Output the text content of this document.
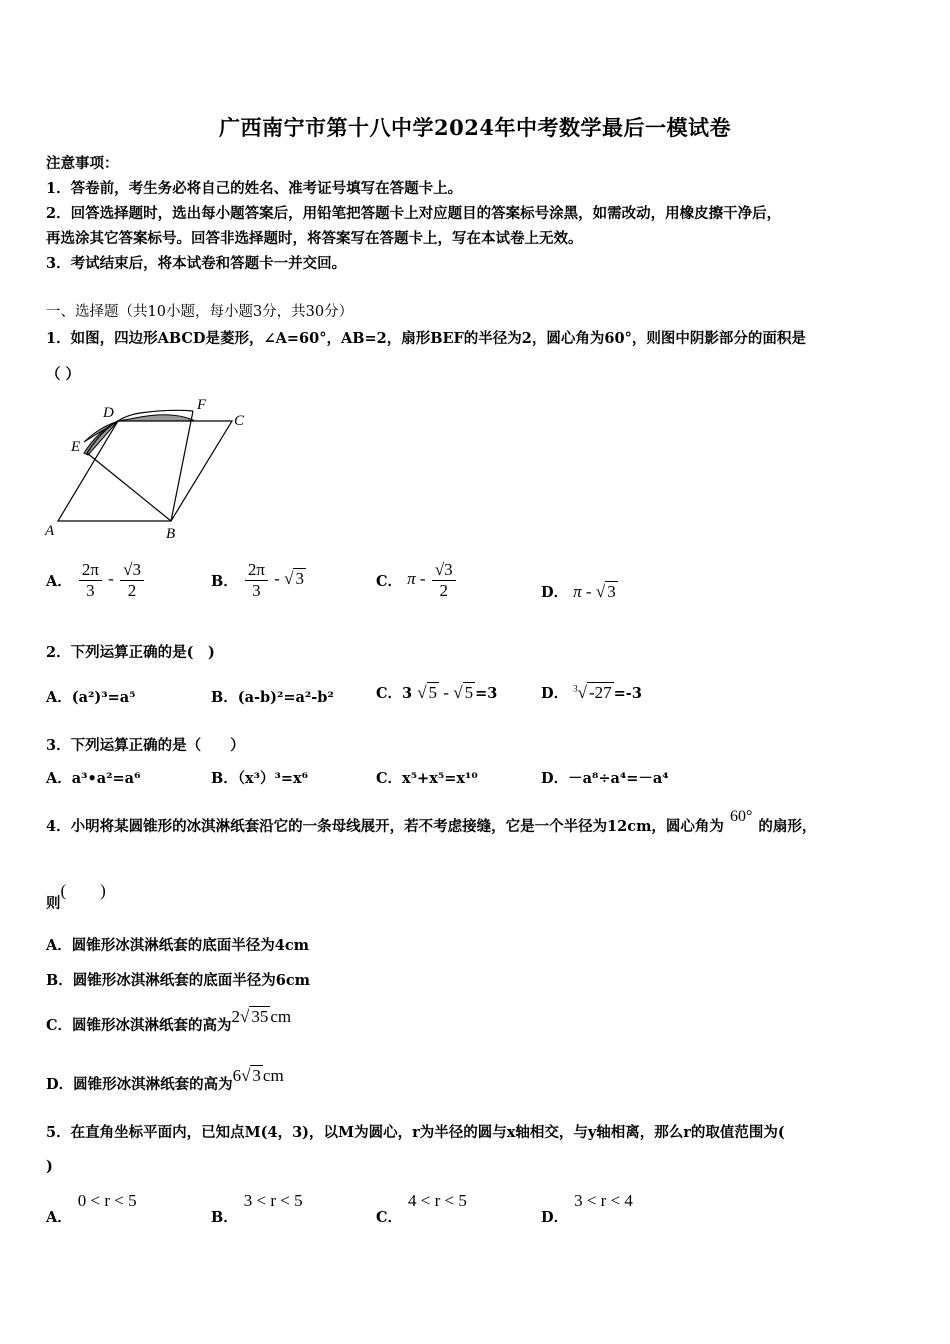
广西南宁市第十八中学2024年中考数学最后一模试卷
注意事项：
1．答卷前，考生务必将自己的姓名、准考证号填写在答题卡上。
2．回答选择题时，选出每小题答案后，用铅笔把答题卡上对应题目的答案标号涂黑，如需改动，用橡皮擦干净后，
再选涂其它答案标号。回答非选择题时，将答案写在答题卡上，写在本试卷上无效。
3．考试结束后，将本试卷和答题卡一并交回。
一、选择题（共10小题，每小题3分，共30分）
1．如图，四边形ABCD是菱形，∠A=60°，AB=2，扇形BEF的半径为2，圆心角为60°，则图中阴影部分的面积是
（ ）
D	F
C
E
A	B
A． $\frac{2\pi}{3} - \frac{√3}{2}$	B． $\frac{2\pi}{3}$ - √ 3	C． π - $\frac{√3}{2}$	D． π - √ 3
2．下列运算正确的是(　)
A．(a²)³=a⁵	B．(a-b)²=a²-b²	C．3 √ 5 - √ 5 =3	D． $^3$√ -27 =-3
3．下列运算正确的是（　　）
A．a³•a²=a⁶	B．（x³）³=x⁶	C．x⁵+x⁵=x¹⁰	D．－a⁸÷a⁴=－a⁴
4．小明将某圆锥形的冰淇淋纸套沿它的一条母线展开，若不考虑接缝，它是一个半径为12cm，圆心角为60°的扇形，
则(　　)
A．圆锥形冰淇淋纸套的底面半径为4cm
B．圆锥形冰淇淋纸套的底面半径为6cm
C．圆锥形冰淇淋纸套的高为2√ 35 cm
D．圆锥形冰淇淋纸套的高为6√ 3 cm
5．在直角坐标平面内，已知点M(4，3)，以M为圆心，r为半径的圆与x轴相交，与y轴相离，那么r的取值范围为(
)
A．0 < r < 5
B．3 < r < 5
C．4 < r < 5
D．3 < r < 4
